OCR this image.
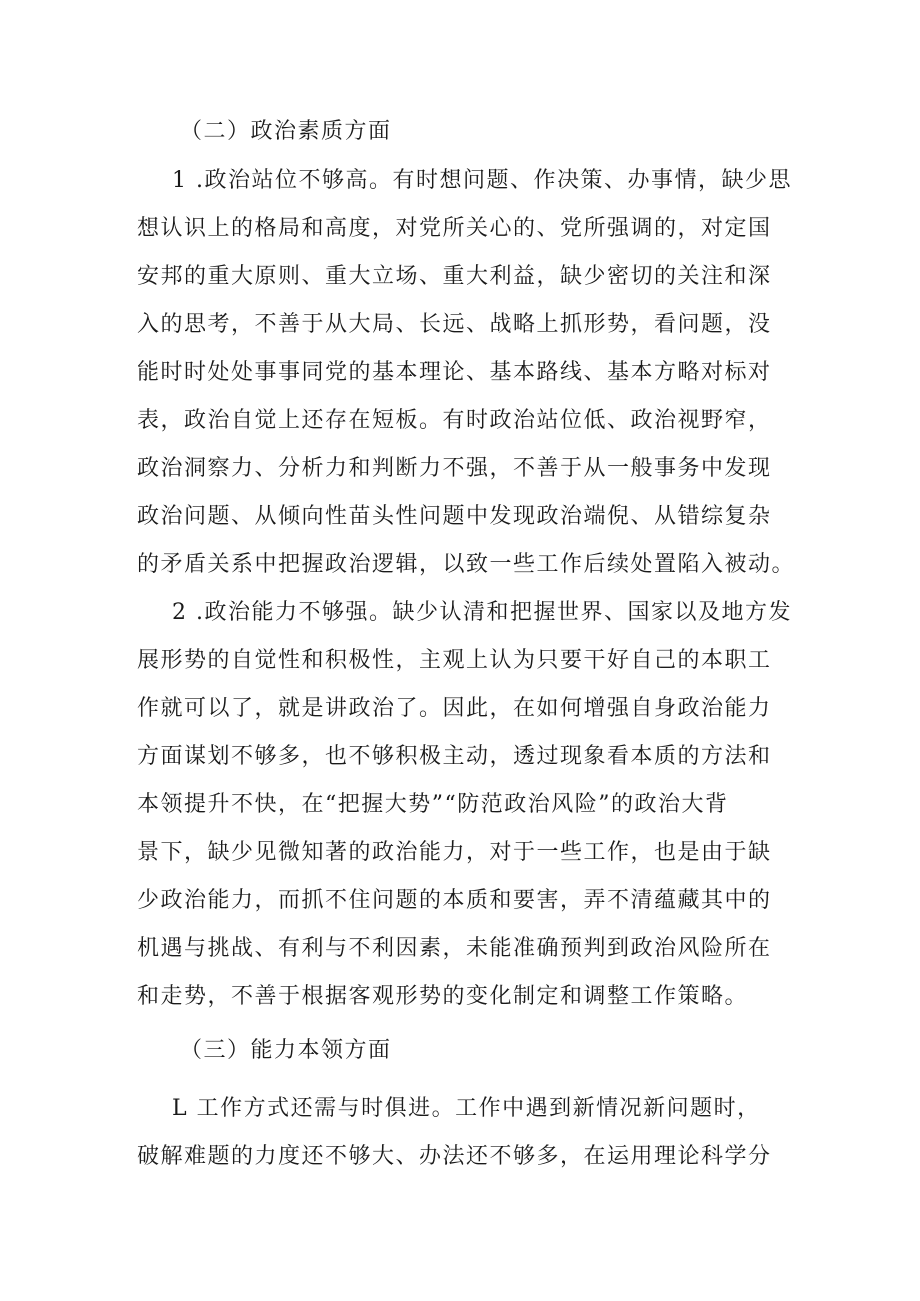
（二）政治素质方面
1 .政治站位不够高。有时想问题、作决策、办事情，缺少思
想认识上的格局和高度，对党所关心的、党所强调的，对定国
安邦的重大原则、重大立场、重大利益，缺少密切的关注和深
入的思考，不善于从大局、长远、战略上抓形势，看问题，没
能时时处处事事同党的基本理论、基本路线、基本方略对标对
表，政治自觉上还存在短板。有时政治站位低、政治视野窄，
政治洞察力、分析力和判断力不强，不善于从一般事务中发现
政治问题、从倾向性苗头性问题中发现政治端倪、从错综复杂
的矛盾关系中把握政治逻辑，以致一些工作后续处置陷入被动。
2 .政治能力不够强。缺少认清和把握世界、国家以及地方发
展形势的自觉性和积极性，主观上认为只要干好自己的本职工
作就可以了，就是讲政治了。因此，在如何增强自身政治能力
方面谋划不够多，也不够积极主动，透过现象看本质的方法和
本领提升不快，在“把握大势”“防范政治风险”的政治大背
景下，缺少见微知著的政治能力，对于一些工作，也是由于缺
少政治能力，而抓不住问题的本质和要害，弄不清蕴藏其中的
机遇与挑战、有利与不利因素，未能准确预判到政治风险所在
和走势，不善于根据客观形势的变化制定和调整工作策略。
（三）能力本领方面
L 工作方式还需与时俱进。工作中遇到新情况新问题时，
破解难题的力度还不够大、办法还不够多，在运用理论科学分
